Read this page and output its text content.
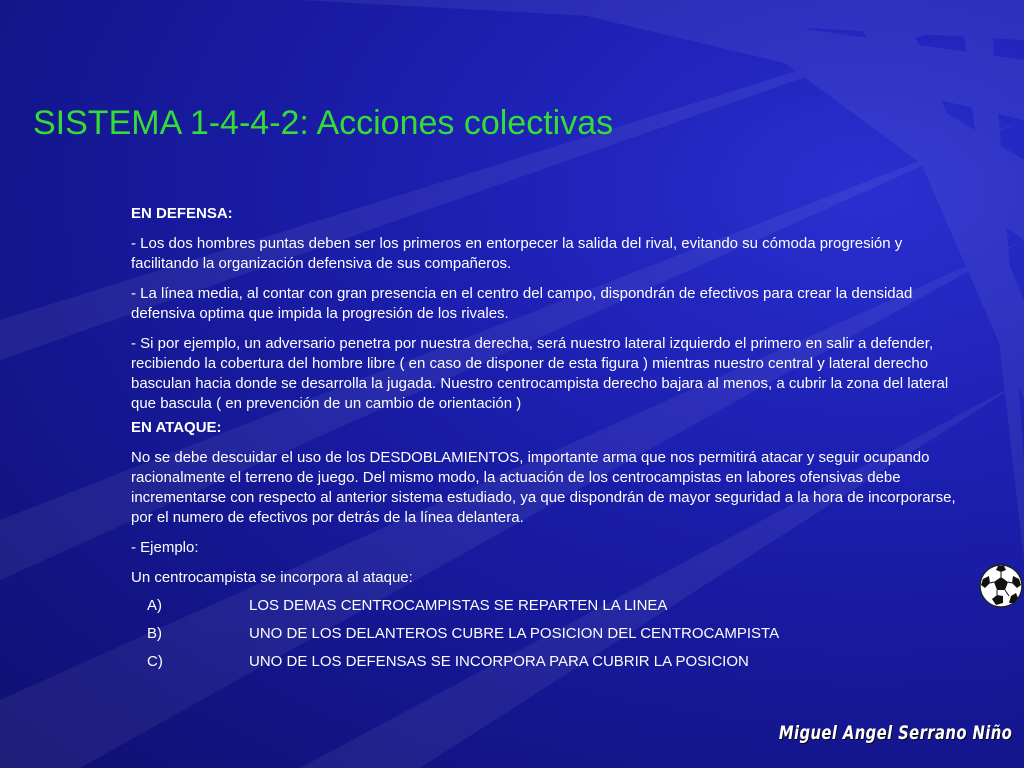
SISTEMA 1-4-4-2: Acciones colectivas

EN DEFENSA:

- Los dos hombres puntas deben ser los primeros en entorpecer la salida del rival, evitando su cómoda progresión y facilitando la organización defensiva de sus compañeros.

- La línea media, al contar con gran presencia en el centro del campo, dispondrán de efectivos para crear la densidad defensiva optima que impida la progresión de los rivales.

- Si por ejemplo, un adversario penetra por nuestra derecha, será nuestro lateral izquierdo el primero en salir a defender, recibiendo la cobertura del hombre libre ( en caso de disponer de esta figura ) mientras nuestro central y lateral derecho basculan hacia donde se desarrolla la jugada. Nuestro centrocampista derecho bajara al menos, a cubrir la zona del lateral que bascula ( en prevención de un cambio de orientación )

EN ATAQUE:

No se debe descuidar el uso de los DESDOBLAMIENTOS, importante arma que nos permitirá atacar y seguir ocupando racionalmente el terreno de juego. Del mismo modo, la actuación de los centrocampistas en labores ofensivas debe incrementarse con respecto al anterior sistema estudiado, ya que dispondrán de mayor seguridad a la hora de incorporarse, por el numero de efectivos por detrás de la línea delantera.

- Ejemplo:

Un centrocampista se incorpora al ataque:

A)	LOS DEMAS CENTROCAMPISTAS SE REPARTEN LA LINEA
B)	UNO DE LOS DELANTEROS CUBRE LA POSICION DEL CENTROCAMPISTA
C)	UNO DE LOS DEFENSAS SE INCORPORA PARA CUBRIR LA POSICION
Miguel Angel Serrano Niño
